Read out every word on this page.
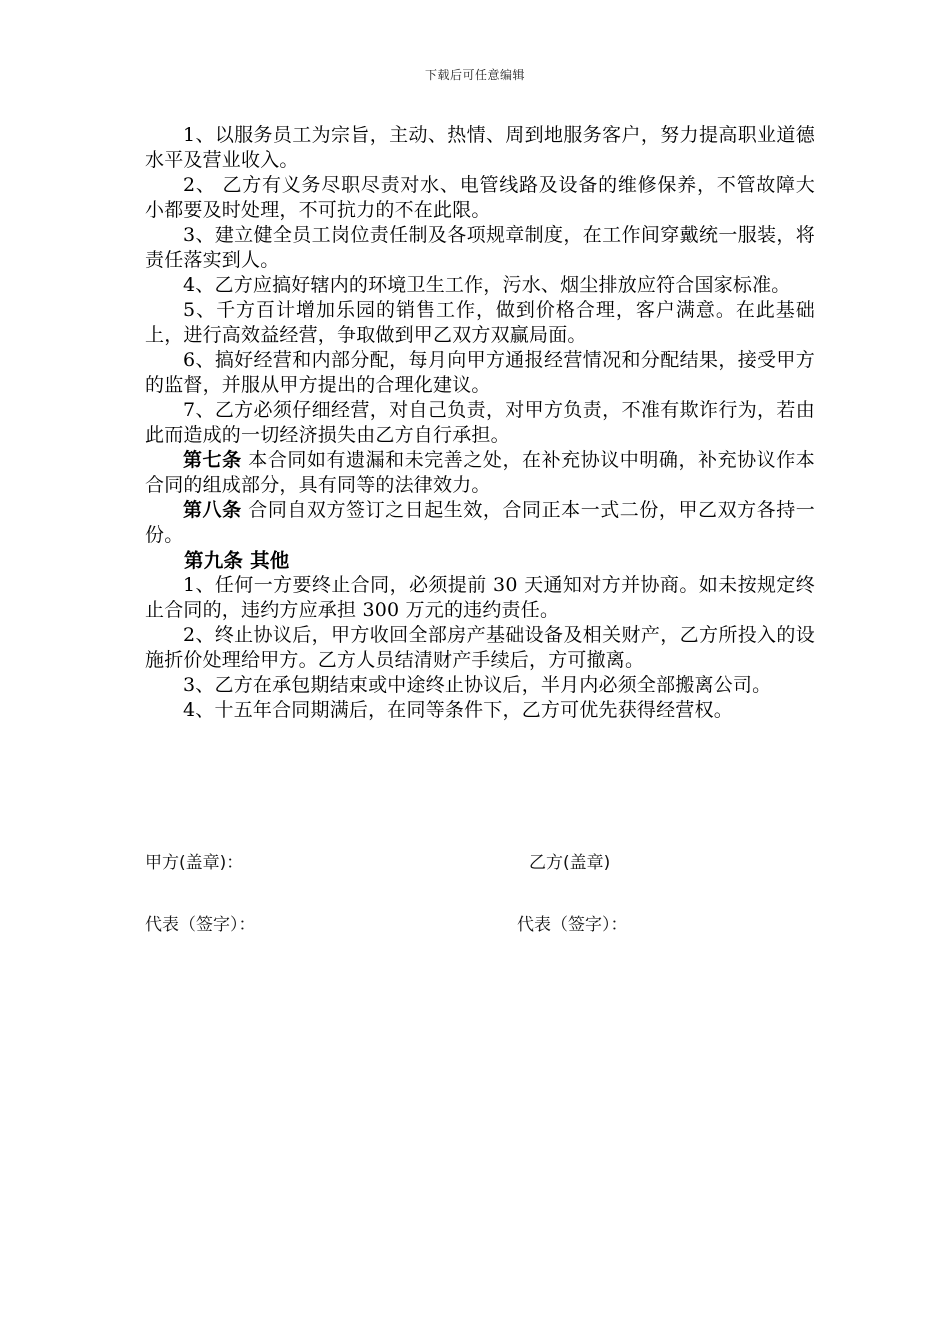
下载后可任意编辑

1、以服务员工为宗旨，主动、热情、周到地服务客户，努力提高职业道德水平及营业收入。

2、 乙方有义务尽职尽责对水、电管线路及设备的维修保养，不管故障大小都要及时处理，不可抗力的不在此限。

3、建立健全员工岗位责任制及各项规章制度，在工作间穿戴统一服装，将责任落实到人。

4、乙方应搞好辖内的环境卫生工作，污水、烟尘排放应符合国家标准。

5、千方百计增加乐园的销售工作，做到价格合理，客户满意。在此基础上，进行高效益经营，争取做到甲乙双方双赢局面。

6、搞好经营和内部分配，每月向甲方通报经营情况和分配结果，接受甲方的监督，并服从甲方提出的合理化建议。

7、乙方必须仔细经营，对自己负责，对甲方负责，不准有欺诈行为，若由此而造成的一切经济损失由乙方自行承担。

第七条 本合同如有遗漏和未完善之处，在补充协议中明确，补充协议作本合同的组成部分，具有同等的法律效力。

第八条 合同自双方签订之日起生效，合同正本一式二份，甲乙双方各持一份。

第九条 其他

1、任何一方要终止合同，必须提前 30 天通知对方并协商。如未按规定终止合同的，违约方应承担 300 万元的违约责任。

2、终止协议后，甲方收回全部房产基础设备及相关财产，乙方所投入的设施折价处理给甲方。乙方人员结清财产手续后，方可撤离。

3、乙方在承包期结束或中途终止协议后，半月内必须全部搬离公司。

4、十五年合同期满后，在同等条件下，乙方可优先获得经营权。

甲方(盖章)：	乙方(盖章)
代表（签字）：	代表（签字）：
